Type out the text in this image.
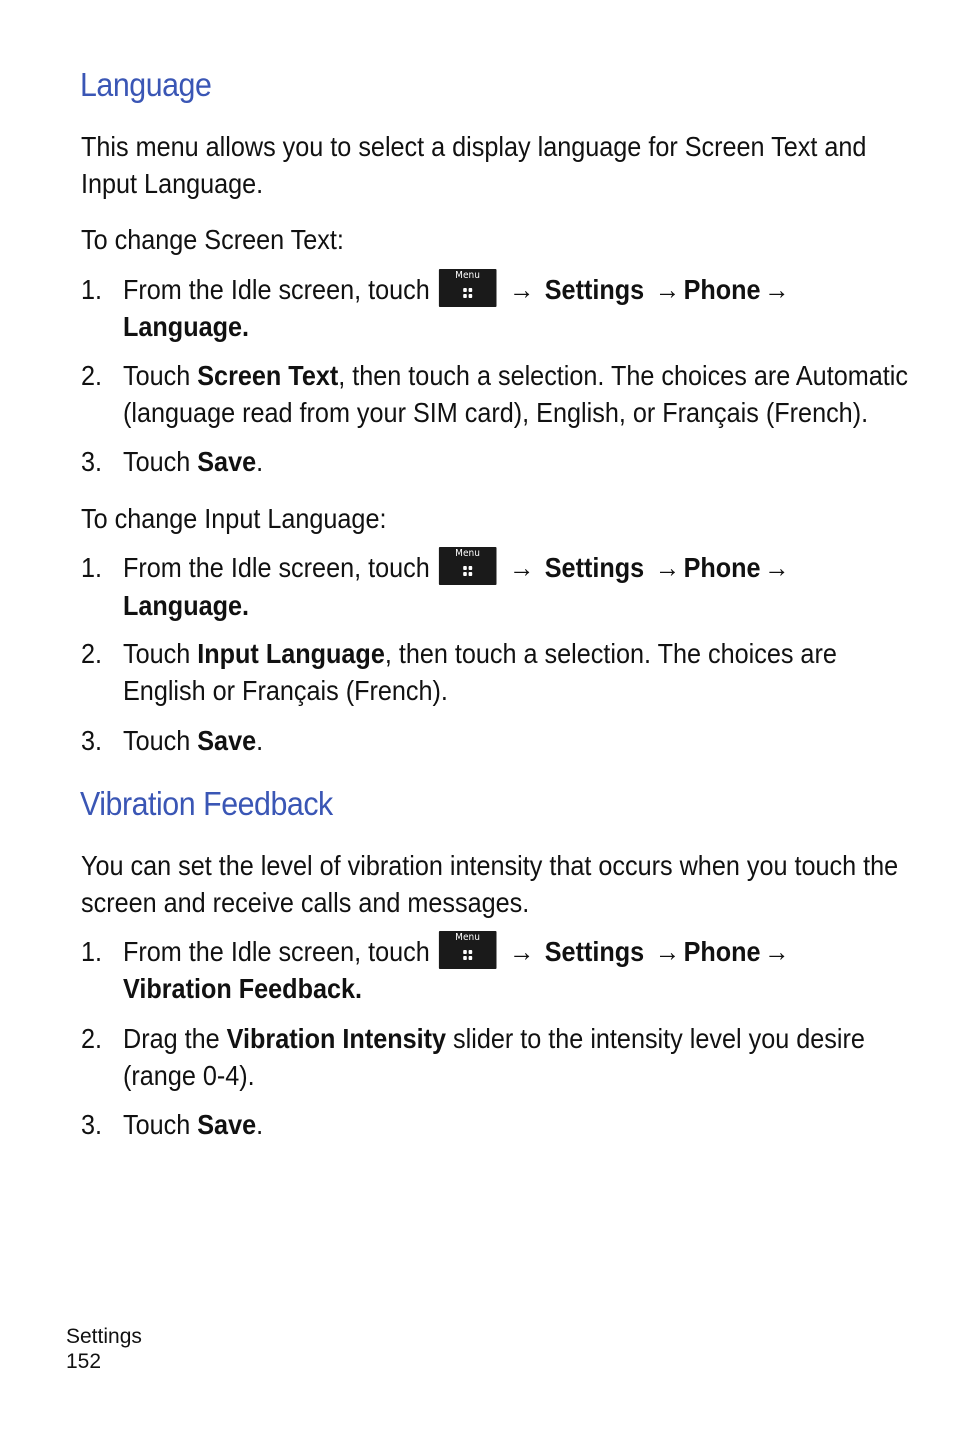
Language

This menu allows you to select a display language for Screen Text and

Input Language.

To change Screen Text:

1. From the Idle screen, touch	Menu	→ Settings → Phone →
Language.
2. Touch Screen Text, then touch a selection. The choices are Automatic
(language read from your SIM card), English, or Français (French).
3. Touch Save.

To change Input Language:

1. From the Idle screen, touch	Menu	→ Settings → Phone →
Language.
2. Touch Input Language, then touch a selection. The choices are
English or Français (French).
3. Touch Save.
Vibration Feedback

You can set the level of vibration intensity that occurs when you touch the

screen and receive calls and messages.

1. From the Idle screen, touch	Menu	→ Settings → Phone →
Vibration Feedback.
2. Drag the Vibration Intensity slider to the intensity level you desire
(range 0-4).
3. Touch Save.
Settings
152
